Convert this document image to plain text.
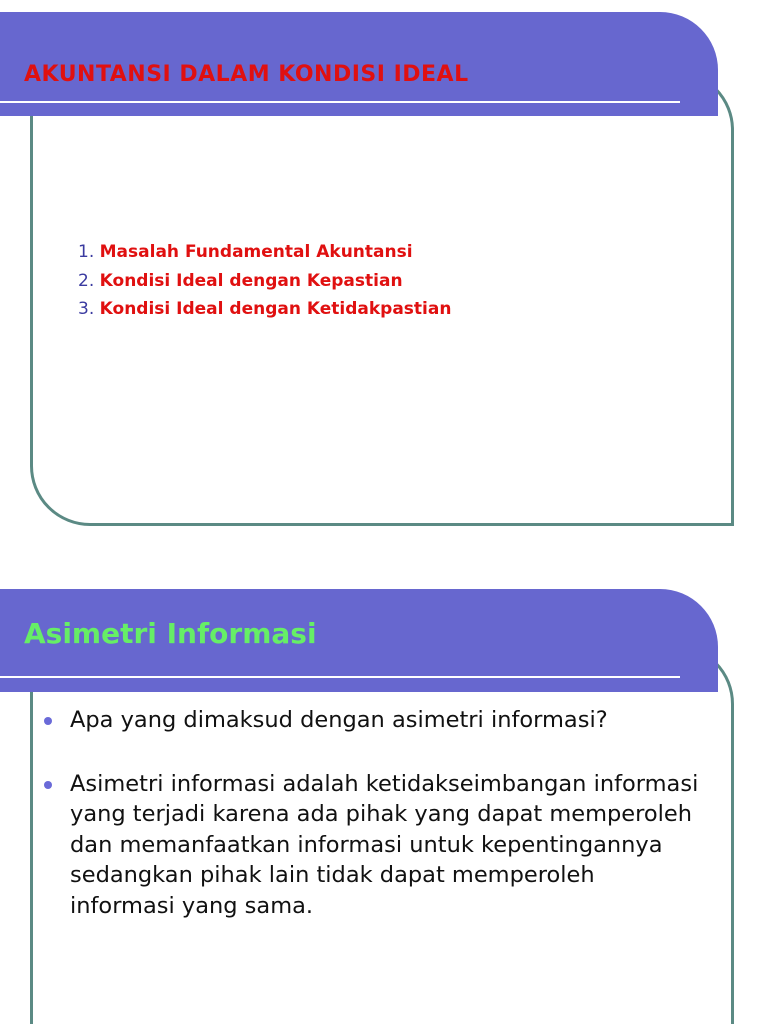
AKUNTANSI DALAM KONDISI IDEAL
1. Masalah Fundamental Akuntansi
2. Kondisi Ideal dengan Kepastian
3. Kondisi Ideal dengan Ketidakpastian
Asimetri Informasi
Apa yang dimaksud dengan asimetri informasi?
Asimetri informasi adalah ketidakseimbangan informasi yang terjadi karena ada pihak yang dapat memperoleh dan memanfaatkan informasi untuk kepentingannya sedangkan pihak lain tidak dapat memperoleh informasi yang sama.
